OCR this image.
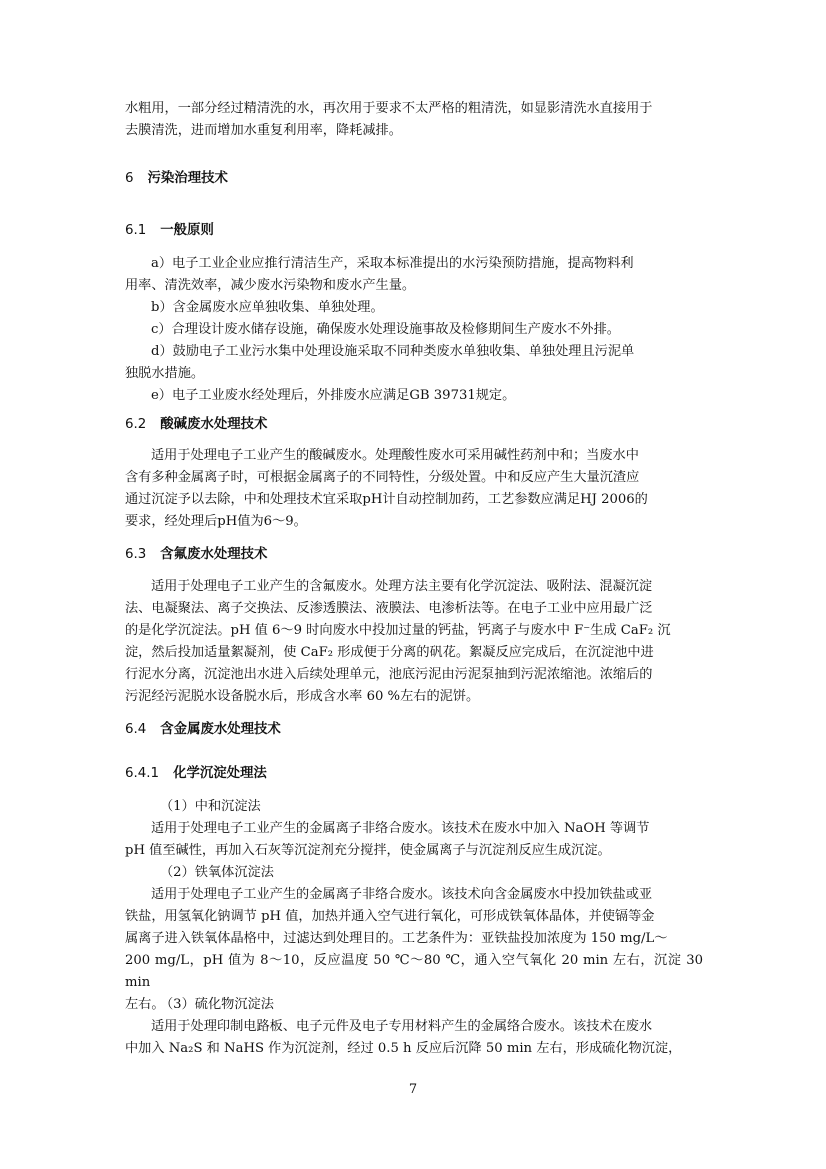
水粗用，一部分经过精清洗的水，再次用于要求不太严格的粗清洗，如显影清洗水直接用于
去膜清洗，进而增加水重复利用率，降耗减排。

6 污染治理技术
6.1 一般原则

a）电子工业企业应推行清洁生产，采取本标准提出的水污染预防措施，提高物料利

用率、清洗效率，减少废水污染物和废水产生量。

b）含金属废水应单独收集、单独处理。

c）合理设计废水储存设施，确保废水处理设施事故及检修期间生产废水不外排。

d）鼓励电子工业污水集中处理设施采取不同种类废水单独收集、单独处理且污泥单

独脱水措施。

e）电子工业废水经处理后，外排废水应满足GB 39731规定。

6.2 酸碱废水处理技术

适用于处理电子工业产生的酸碱废水。处理酸性废水可采用碱性药剂中和；当废水中

含有多种金属离子时，可根据金属离子的不同特性，分级处置。中和反应产生大量沉渣应
通过沉淀予以去除，中和处理技术宜采取pH计自动控制加药，工艺参数应满足HJ 2006的
要求，经处理后pH值为6～9。

6.3 含氟废水处理技术

适用于处理电子工业产生的含氟废水。处理方法主要有化学沉淀法、吸附法、混凝沉淀

法、电凝聚法、离子交换法、反渗透膜法、液膜法、电渗析法等。在电子工业中应用最广泛
的是化学沉淀法。pH 值 6～9 时向废水中投加过量的钙盐，钙离子与废水中 F⁻生成 CaF₂ 沉
淀，然后投加适量絮凝剂，使 CaF₂ 形成便于分离的矾花。絮凝反应完成后，在沉淀池中进
行泥水分离，沉淀池出水进入后续处理单元，池底污泥由污泥泵抽到污泥浓缩池。浓缩后的
污泥经污泥脱水设备脱水后，形成含水率 60 %左右的泥饼。

6.4 含金属废水处理技术
6.4.1 化学沉淀处理法

（1）中和沉淀法

适用于处理电子工业产生的金属离子非络合废水。该技术在废水中加入 NaOH 等调节

pH 值至碱性，再加入石灰等沉淀剂充分搅拌，使金属离子与沉淀剂反应生成沉淀。

（2）铁氧体沉淀法

适用于处理电子工业产生的金属离子非络合废水。该技术向含金属废水中投加铁盐或亚

铁盐，用氢氧化钠调节 pH 值，加热并通入空气进行氧化，可形成铁氧体晶体，并使镉等金
属离子进入铁氧体晶格中，过滤达到处理目的。工艺条件为：亚铁盐投加浓度为 150 mg/L～
200 mg/L，pH 值为 8～10，反应温度 50 ℃～80 ℃，通入空气氧化 20 min 左右，沉淀 30 min
左右。

（3）硫化物沉淀法

适用于处理印制电路板、电子元件及电子专用材料产生的金属络合废水。该技术在废水

中加入 Na₂S 和 NaHS 作为沉淀剂，经过 0.5 h 反应后沉降 50 min 左右，形成硫化物沉淀，

7
